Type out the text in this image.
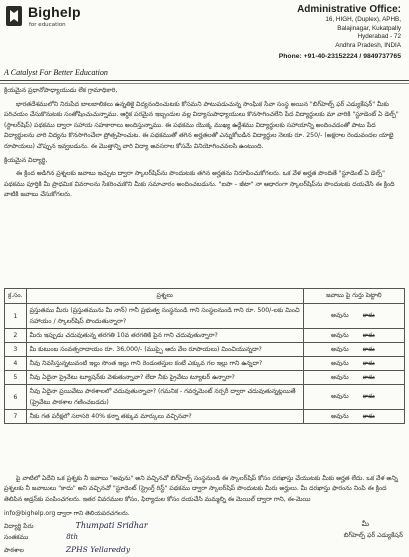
Bighelp
for education
A Catalyst For Better Education
Administrative Office:
16, HIGH, (Duplex), APHB,
Balajinagar, Kukatpally
Hyderabad - 72
Andhra Pradesh, INDIA
Phone: +91-40-23152224 / 9849737765

క్రియమైన ప్రధానోపాధ్యాయుడు లేక గ్రామాధికారి,

భారతదేశములోని నిరుపేద బాలబాలికలు ఉన్నతికై విద్యనందించుటకు కోసమని పాటుపడుచున్న సాంఘిక సేవా సంస్థ అయిన "బిగ్‌హెల్ప్ ఫర్ ఎడ్యుకేషన్" మీకు పరిచయం చేసుకొనుటకు సంతోషించుచున్నాము. ఆర్థిక పరమైన ఇబ్బందుల వల్ల విద్యాసుపాధ్యాయులు కొనసాగించలేని పేద విద్యార్థులకు మా వారికి "స్టూడెంట్ ఏ డెల్ప్" (స్టాలర్‌షిప్) పథకము ద్వారా సహాయ సహకారాలు అందిస్తున్నాము. ఈ పథకము యొక్క ముఖ్య ఉద్దేశము విద్యార్థులకు సహాయాన్ని అందించడంతో పాటు పేద విద్యార్థులను వారి విద్యను కొనసాగించేలా ప్రోత్సహించుట. ఈ పథకముతో తగిన అర్హతలతో ఎన్నుకోబడిన విద్యార్థుల నెలకు రూ. 250/- (అక్షరాల రెండువందల యాభై రూపాయలు) చొప్పున ఇవ్వబడును. ఈ మొత్తాన్ని వారి విద్యా అవసరాల కోసమే వినియోగించవలసి ఉంటుంది.

క్రియమైన విద్యార్థి,

ఈ క్రింద అడిగిన ప్రశ్నలకు జవాబు ఇచ్చుట ద్వారా స్కాలర్‌షిప్‌ను పొందుటకు తగిన అర్హతను నిరూపించుకోగలరు. ఒక వేళ అర్హత పొందితే "స్టూడెంట్ ఏ డెల్ప్" పథకము పూర్తికి మీ ప్రాధమిక వివరాలను సేకరించుకొని మీకు సమాచారం అందించబడును. "ఐపా – జీటా" నా ఆధారంగా స్కాలర్‌షిప్‌ను పొందుటకు దయచేసి ఈ క్రింది వాటికి జవాబు చేసుకోగలరు.

క్ర.సం.	ప్రశ్నలు	జవాబు పై గుర్తు పెట్టాలి
1	ప్రస్తుతము మీరు (ప్రస్తుతమును మీ నాన్) గానీ ప్రభుత్వ సంస్థనుండి గాని సంస్థలనుండి గాని రూ. 500/-లకు మించి సహాయం / స్కాలర్‌షిప్ పొందుతున్నారా?	అవును కాదు
2	మీరు ఇప్పుడు చదువుతున్న తరగతి 10వ తరగతికి పైన గాని చదువుతున్నారా?	అవును కాదు
3	మీ కుటుంబ సంవత్సరాదాయం రూ. 36,000/- (ముప్పై ఆరు వేల రూపాయలు) మించియున్నదా?	అవును కాదు
4	నీవు నివసిస్తున్నటువంటి ఇల్లు సొంత ఇల్లు గాని రెండంతస్తుల కంటే ఎక్కువ గల ఇల్లు గాని ఉన్నదా?	అవును కాదు
5	నీవు ఏదైనా ప్రైవేటు ట్యూషన్‌కు వెళుతున్నావా? లేదా నీకు ప్రైవేటు ట్యూటర్ ఉన్నారా?	అవును కాదు
6	నీవు ఏదైనా ప్రయివేటు పాఠశాలలో చదువుతున్నావా? (గమనిక - గవర్నమెంట్ నర్సరీ ద్వారా చదువుతున్నట్లయితే (ప్రైవేటు పాఠశాల గణించబడదు)	అవును కాదు
7	నీకు గత పరీక్షలో సరాసరి 40% కన్నా తక్కువ మార్కులు వచ్చినవా?	అవును కాదు
పై వాటిలో ఏదేని ఒక ప్రశ్నకు నీ జవాబు "అవును" అని వచ్చినచో బిగ్‌హెల్ప్ సంస్థనుండి ఈ స్కాలర్‌షిప్ కోసం దరఖాస్తు చేయుటకు మీకు అర్హత లేదు. ఒక వేళ అన్ని ప్రశ్నలకు నీ జవాబులు "కాదు" అని వచ్చినచో "స్టూడెంట్ (స్ట్రెంగ్త్ రిస్ట్" పథకము ద్వారా స్కాలర్‌షిప్ పొందుటకు మీరు అర్హులు. మీ దరఖాస్తు ఫారంను నింపి ఈ క్రింద తెలిపిన అడ్రస్‌కు పంపించగలరు. ఇతర వివరముల కోసం, ఫిర్యాదుల కోసం దయచేసి మమ్మల్ని ఈ మెయిల్ ద్వారా గాని, ఈ-మెయి
info@bighelp.org ద్వారా గాని తెలియపరచగలరు.
విద్యార్థి పేరు	Thumpati Sridhar
సంతకము	8th
పాఠశాల	ZPHS Yellareddy
మీ
బిగ్‌హెల్ప్ ఫర్ ఎడ్యుకేషన్
